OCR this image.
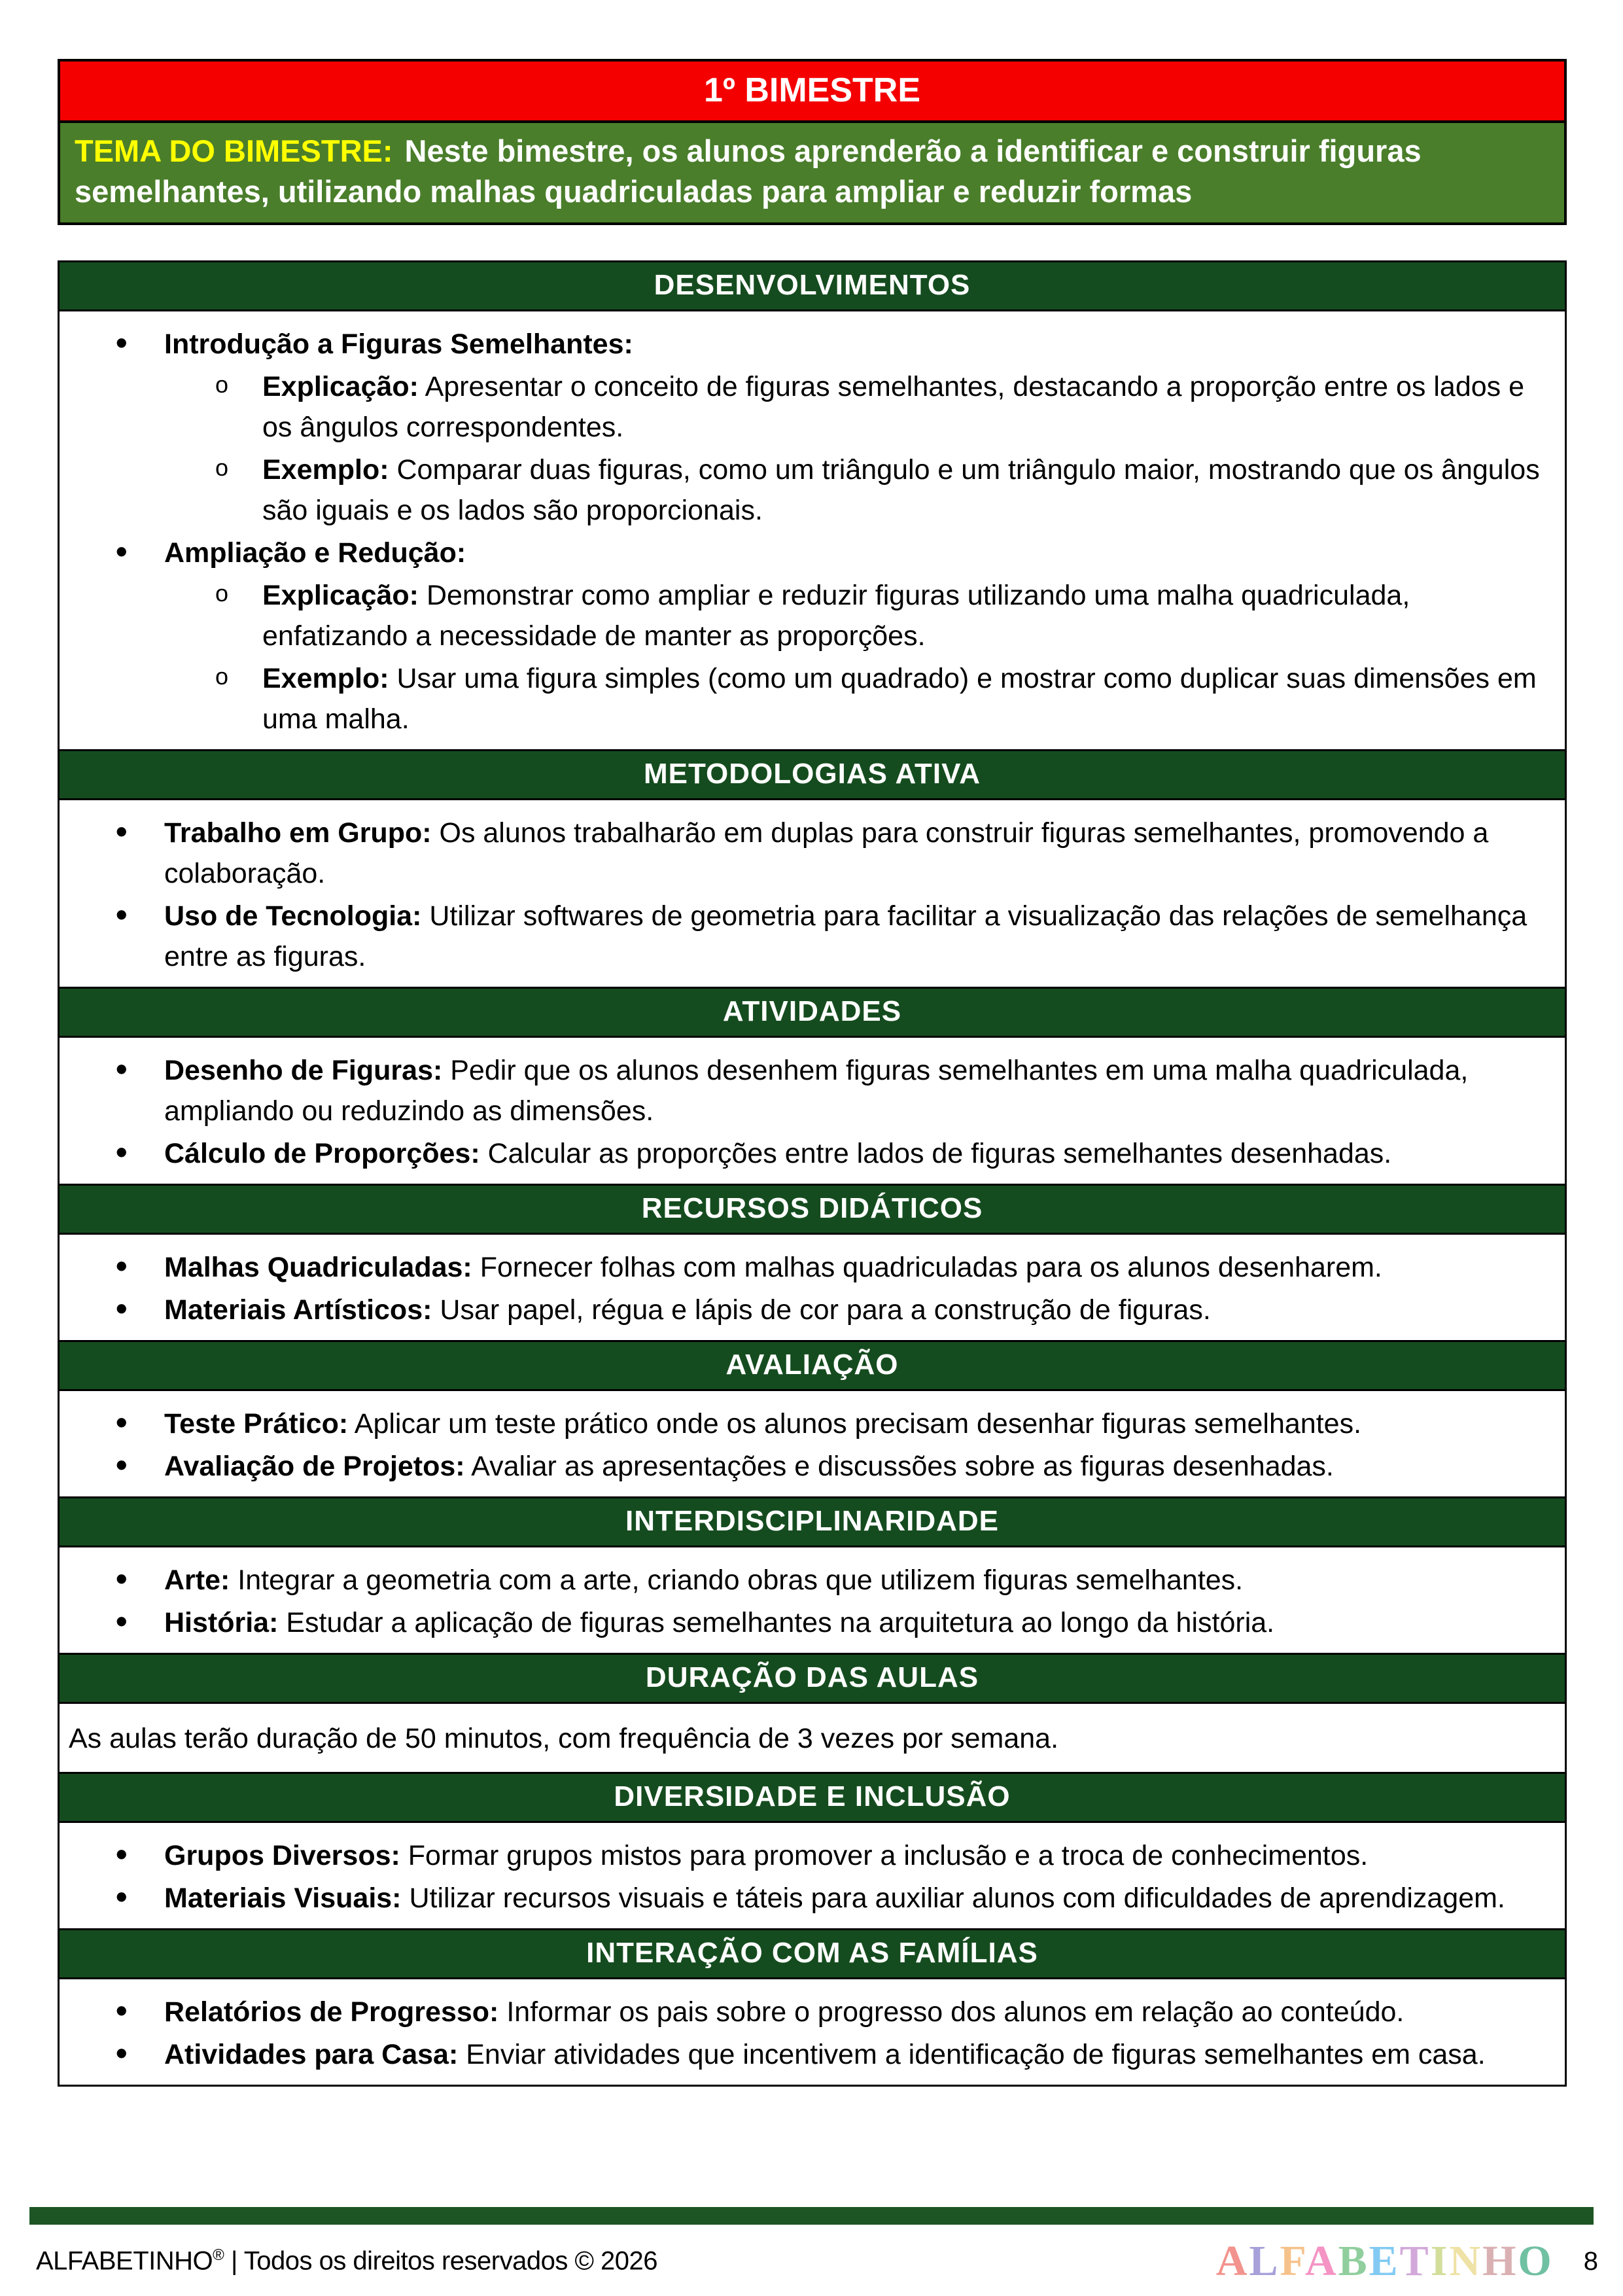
1º BIMESTRE
TEMA DO BIMESTRE: Neste bimestre, os alunos aprenderão a identificar e construir figuras semelhantes, utilizando malhas quadriculadas para ampliar e reduzir formas
DESENVOLVIMENTOS
• Introdução a Figuras Semelhantes:
o Explicação: Apresentar o conceito de figuras semelhantes, destacando a proporção entre os lados e os ângulos correspondentes.
o Exemplo: Comparar duas figuras, como um triângulo e um triângulo maior, mostrando que os ângulos são iguais e os lados são proporcionais.
• Ampliação e Redução:
o Explicação: Demonstrar como ampliar e reduzir figuras utilizando uma malha quadriculada, enfatizando a necessidade de manter as proporções.
o Exemplo: Usar uma figura simples (como um quadrado) e mostrar como duplicar suas dimensões em uma malha.
METODOLOGIAS ATIVA
• Trabalho em Grupo: Os alunos trabalharão em duplas para construir figuras semelhantes, promovendo a colaboração.
• Uso de Tecnologia: Utilizar softwares de geometria para facilitar a visualização das relações de semelhança entre as figuras.
ATIVIDADES
• Desenho de Figuras: Pedir que os alunos desenhem figuras semelhantes em uma malha quadriculada, ampliando ou reduzindo as dimensões.
• Cálculo de Proporções: Calcular as proporções entre lados de figuras semelhantes desenhadas.
RECURSOS DIDÁTICOS
• Malhas Quadriculadas: Fornecer folhas com malhas quadriculadas para os alunos desenharem.
• Materiais Artísticos: Usar papel, régua e lápis de cor para a construção de figuras.
AVALIAÇÃO
• Teste Prático: Aplicar um teste prático onde os alunos precisam desenhar figuras semelhantes.
• Avaliação de Projetos: Avaliar as apresentações e discussões sobre as figuras desenhadas.
INTERDISCIPLINARIDADE
• Arte: Integrar a geometria com a arte, criando obras que utilizem figuras semelhantes.
• História: Estudar a aplicação de figuras semelhantes na arquitetura ao longo da história.
DURAÇÃO DAS AULAS

As aulas terão duração de 50 minutos, com frequência de 3 vezes por semana.

DIVERSIDADE E INCLUSÃO
• Grupos Diversos: Formar grupos mistos para promover a inclusão e a troca de conhecimentos.
• Materiais Visuais: Utilizar recursos visuais e táteis para auxiliar alunos com dificuldades de aprendizagem.
INTERAÇÃO COM AS FAMÍLIAS
• Relatórios de Progresso: Informar os pais sobre o progresso dos alunos em relação ao conteúdo.
• Atividades para Casa: Enviar atividades que incentivem a identificação de figuras semelhantes em casa.
ALFABETINHO® | Todos os direitos reservados © 2026	ALFABETINHO 8
